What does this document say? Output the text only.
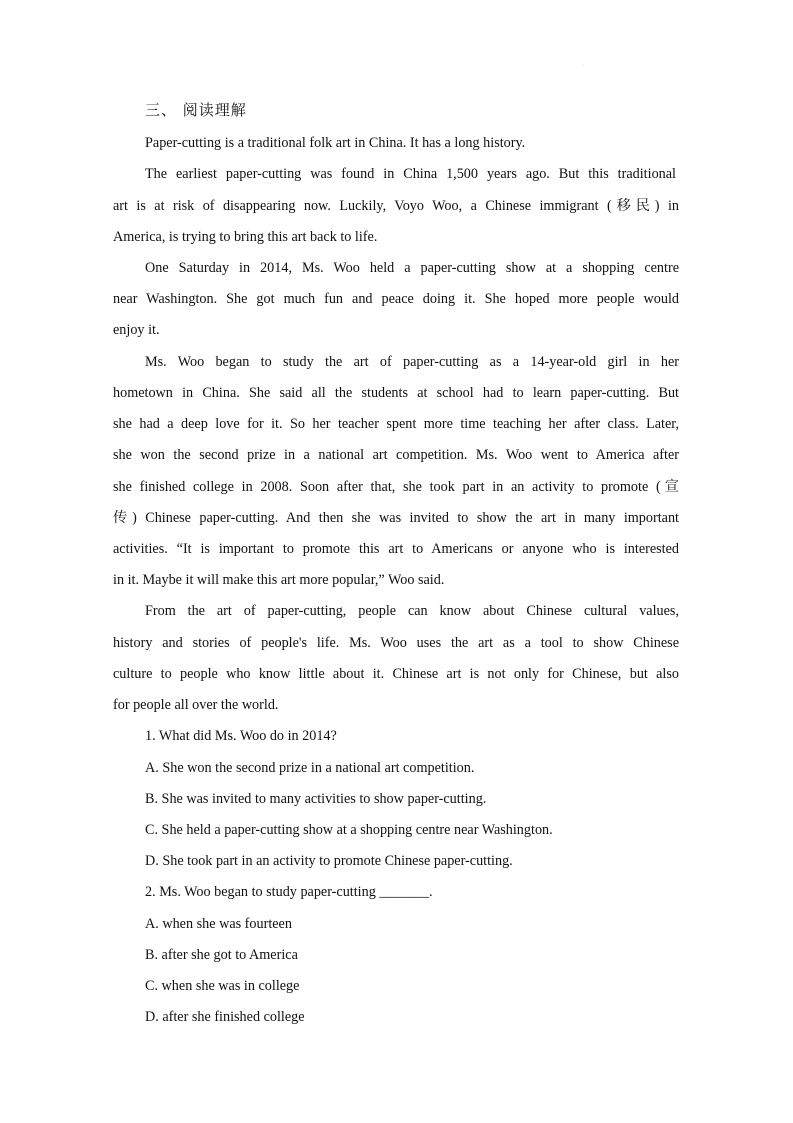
·
三、 阅读理解
Paper-cutting is a traditional folk art in China. It has a long history.
The earliest paper-cutting was found in China 1,500 years ago. But this traditional
art is at risk of disappearing now. Luckily, Voyo Woo, a Chinese immigrant (移民) in
America, is trying to bring this art back to life.
One Saturday in 2014, Ms. Woo held a paper-cutting show at a shopping centre
near Washington. She got much fun and peace doing it. She hoped more people would
enjoy it.
Ms. Woo began to study the art of paper-cutting as a 14-year-old girl in her
hometown in China. She said all the students at school had to learn paper-cutting. But
she had a deep love for it. So her teacher spent more time teaching her after class. Later,
she won the second prize in a national art competition. Ms. Woo went to America after
she finished college in 2008. Soon after that, she took part in an activity to promote (宣
传) Chinese paper-cutting. And then she was invited to show the art in many important
activities. “It is important to promote this art to Americans or anyone who is interested
in it. Maybe it will make this art more popular,” Woo said.
From the art of paper-cutting, people can know about Chinese cultural values,
history and stories of people's life. Ms. Woo uses the art as a tool to show Chinese
culture to people who know little about it. Chinese art is not only for Chinese, but also
for people all over the world.
1. What did Ms. Woo do in 2014?
A. She won the second prize in a national art competition.
B. She was invited to many activities to show paper-cutting.
C. She held a paper-cutting show at a shopping centre near Washington.
D. She took part in an activity to promote Chinese paper-cutting.
2. Ms. Woo began to study paper-cutting _______.
A. when she was fourteen
B. after she got to America
C. when she was in college
D. after she finished college
